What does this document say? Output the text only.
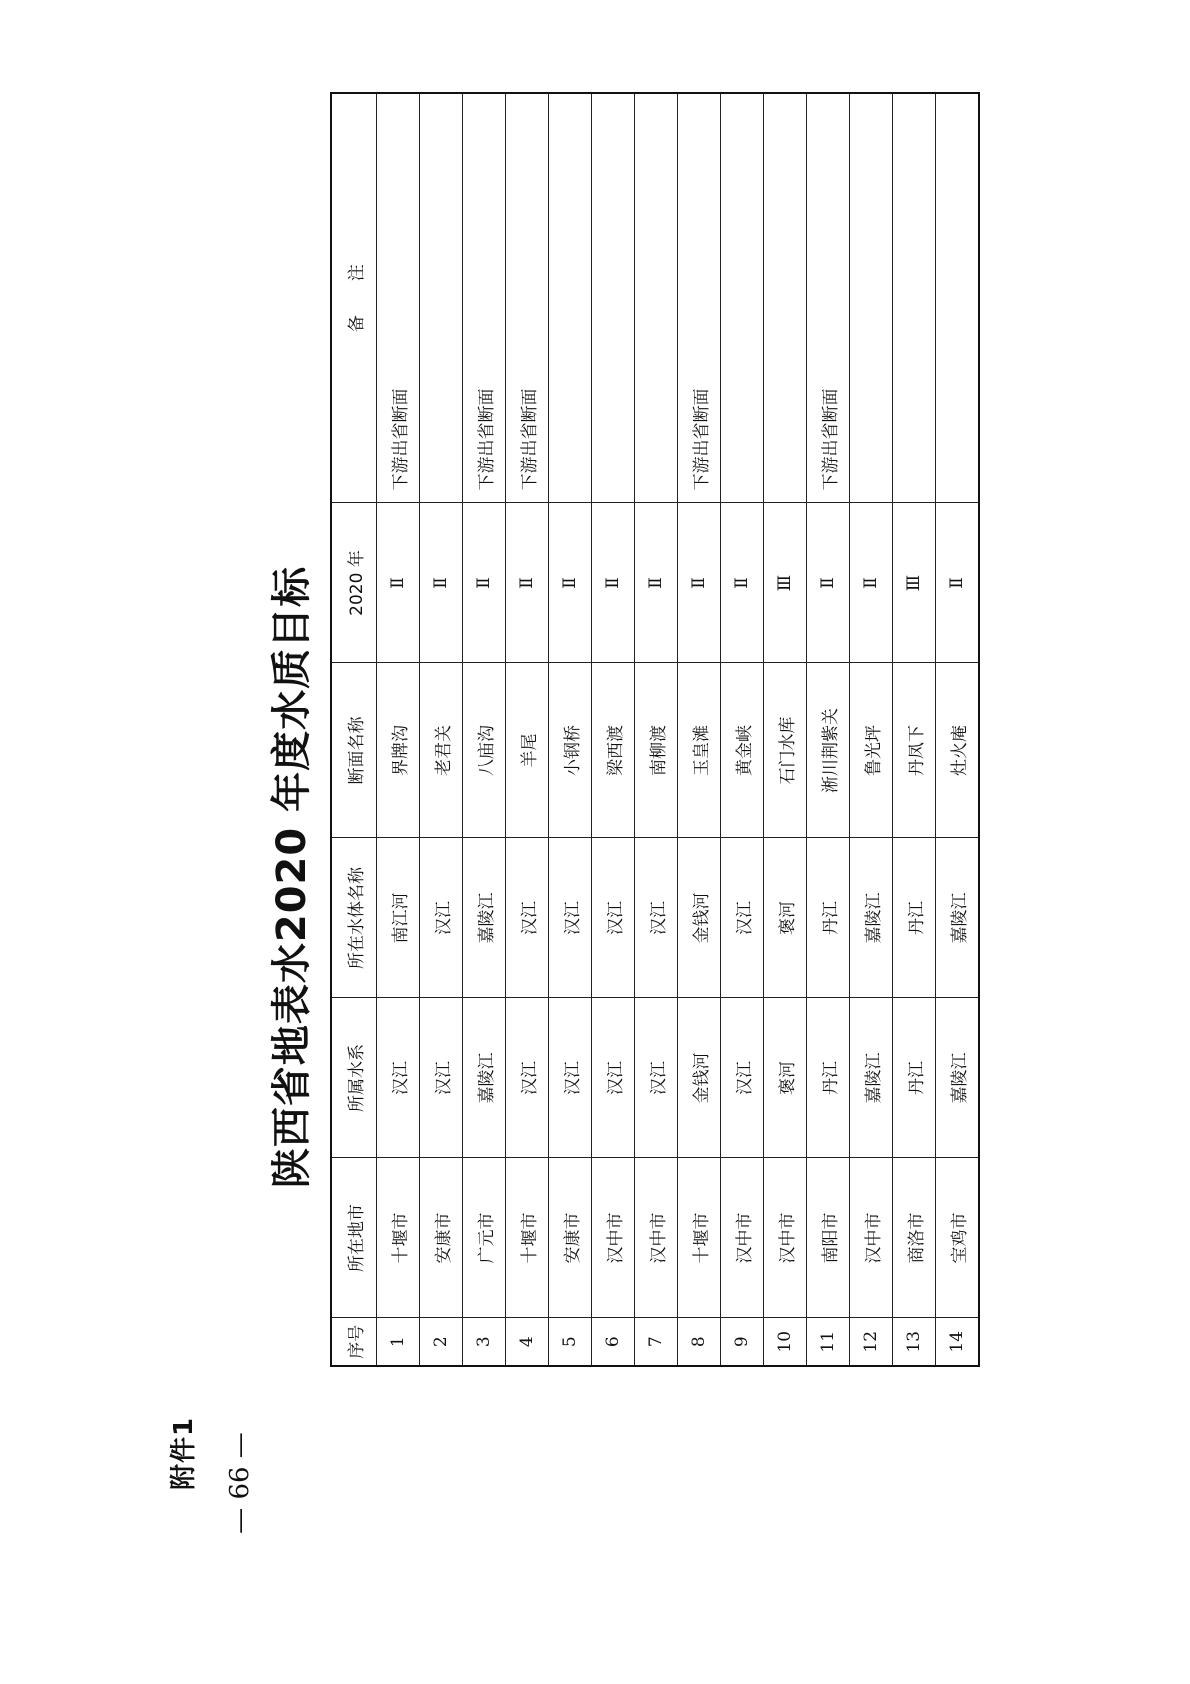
附件1
陕西省地表水2020 年度水质目标
序号	所在地市	所属水系	所在水体名称	断面名称	2020 年	备　　注
1	十堰市	汉江	南江河	界牌沟	Ⅱ	下游出省断面
2	安康市	汉江	汉江	老君关	Ⅱ	
3	广元市	嘉陵江	嘉陵江	八庙沟	Ⅱ	下游出省断面
4	十堰市	汉江	汉江	羊尾	Ⅱ	下游出省断面
5	安康市	汉江	汉江	小钢桥	Ⅱ	
6	汉中市	汉江	汉江	梁西渡	Ⅱ	
7	汉中市	汉江	汉江	南柳渡	Ⅱ	
8	十堰市	金钱河	金钱河	玉皇滩	Ⅱ	下游出省断面
9	汉中市	汉江	汉江	黄金峡	Ⅱ	
10	汉中市	褒河	褒河	石门水库	Ⅲ	
11	南阳市	丹江	丹江	淅川荆紫关	Ⅱ	下游出省断面
12	汉中市	嘉陵江	嘉陵江	鲁光坪	Ⅱ	
13	商洛市	丹江	丹江	丹凤下	Ⅲ	
14	宝鸡市	嘉陵江	嘉陵江	灶火庵	Ⅱ	
— 66 —
